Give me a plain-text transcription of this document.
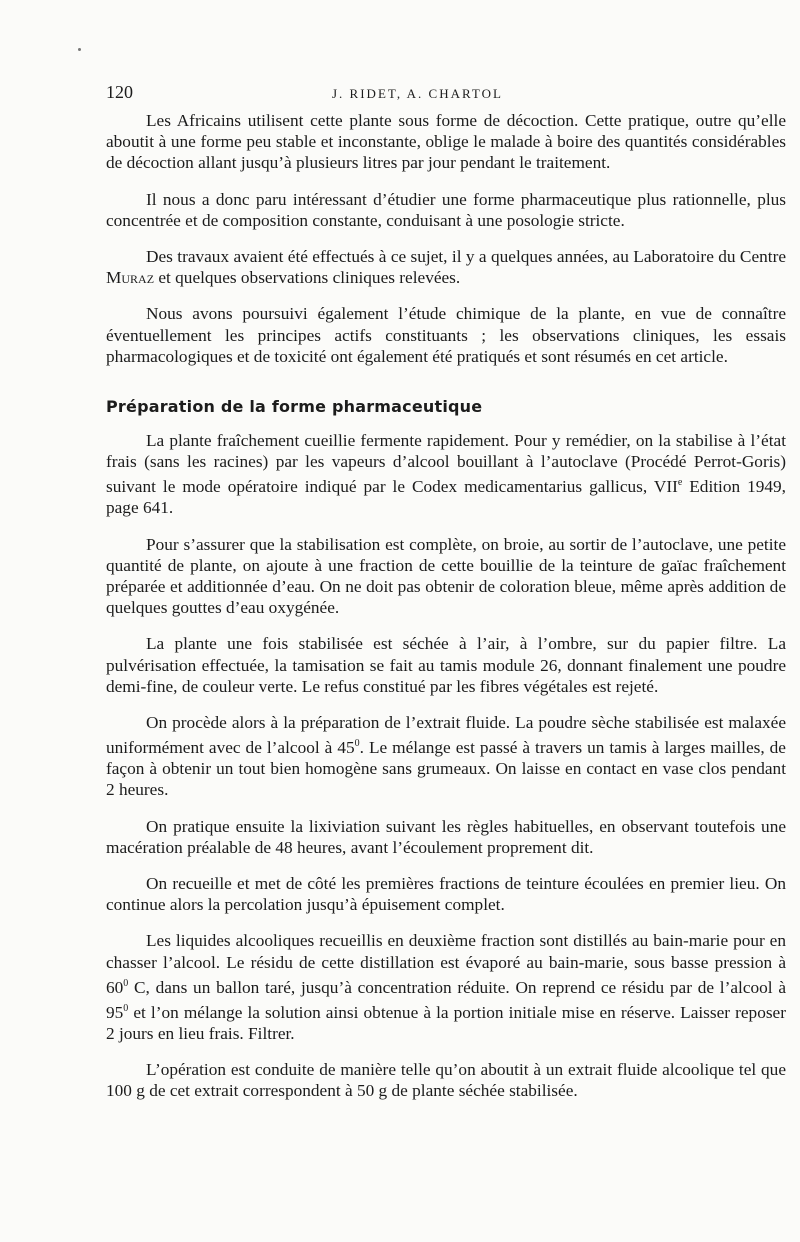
120	J. RIDET, A. CHARTOL

Les Africains utilisent cette plante sous forme de décoction. Cette pratique, outre qu’elle aboutit à une forme peu stable et inconstante, oblige le malade à boire des quantités considérables de décoction allant jusqu’à plusieurs litres par jour pendant le traitement.

Il nous a donc paru intéressant d’étudier une forme pharmaceutique plus rationnelle, plus concentrée et de composition constante, conduisant à une posologie stricte.

Des travaux avaient été effectués à ce sujet, il y a quelques années, au Laboratoire du Centre Muraz et quelques observations cliniques relevées.

Nous avons poursuivi également l’étude chimique de la plante, en vue de connaître éventuellement les principes actifs constituants ; les observations cliniques, les essais pharmacologiques et de toxicité ont également été pratiqués et sont résumés en cet article.

Préparation de la forme pharmaceutique

La plante fraîchement cueillie fermente rapidement. Pour y remédier, on la stabilise à l’état frais (sans les racines) par les vapeurs d’alcool bouillant à l’autoclave (Procédé Perrot-Goris) suivant le mode opératoire indiqué par le Codex medicamentarius gallicus, VIIe Edition 1949, page 641.

Pour s’assurer que la stabilisation est complète, on broie, au sortir de l’autoclave, une petite quantité de plante, on ajoute à une fraction de cette bouillie de la teinture de gaïac fraîchement préparée et additionnée d’eau. On ne doit pas obtenir de coloration bleue, même après addition de quelques gouttes d’eau oxygénée.

La plante une fois stabilisée est séchée à l’air, à l’ombre, sur du papier filtre. La pulvérisation effectuée, la tamisation se fait au tamis module 26, donnant finalement une poudre demi-fine, de couleur verte. Le refus constitué par les fibres végétales est rejeté.

On procède alors à la préparation de l’extrait fluide. La poudre sèche stabilisée est malaxée uniformément avec de l’alcool à $45^0$. Le mélange est passé à travers un tamis à larges mailles, de façon à obtenir un tout bien homogène sans grumeaux. On laisse en contact en vase clos pendant 2 heures.

On pratique ensuite la lixiviation suivant les règles habituelles, en observant toutefois une macération préalable de 48 heures, avant l’écoulement proprement dit.

On recueille et met de côté les premières fractions de teinture écoulées en premier lieu. On continue alors la percolation jusqu’à épuisement complet.

Les liquides alcooliques recueillis en deuxième fraction sont distillés au bain-marie pour en chasser l’alcool. Le résidu de cette distillation est évaporé au bain-marie, sous basse pression à $60^0$ C, dans un ballon taré, jusqu’à concentration réduite. On reprend ce résidu par de l’alcool à $95^0$ et l’on mélange la solution ainsi obtenue à la portion initiale mise en réserve. Laisser reposer 2 jours en lieu frais. Filtrer.

L’opération est conduite de manière telle qu’on aboutit à un extrait fluide alcoolique tel que 100 g de cet extrait correspondent à 50 g de plante séchée stabilisée.
